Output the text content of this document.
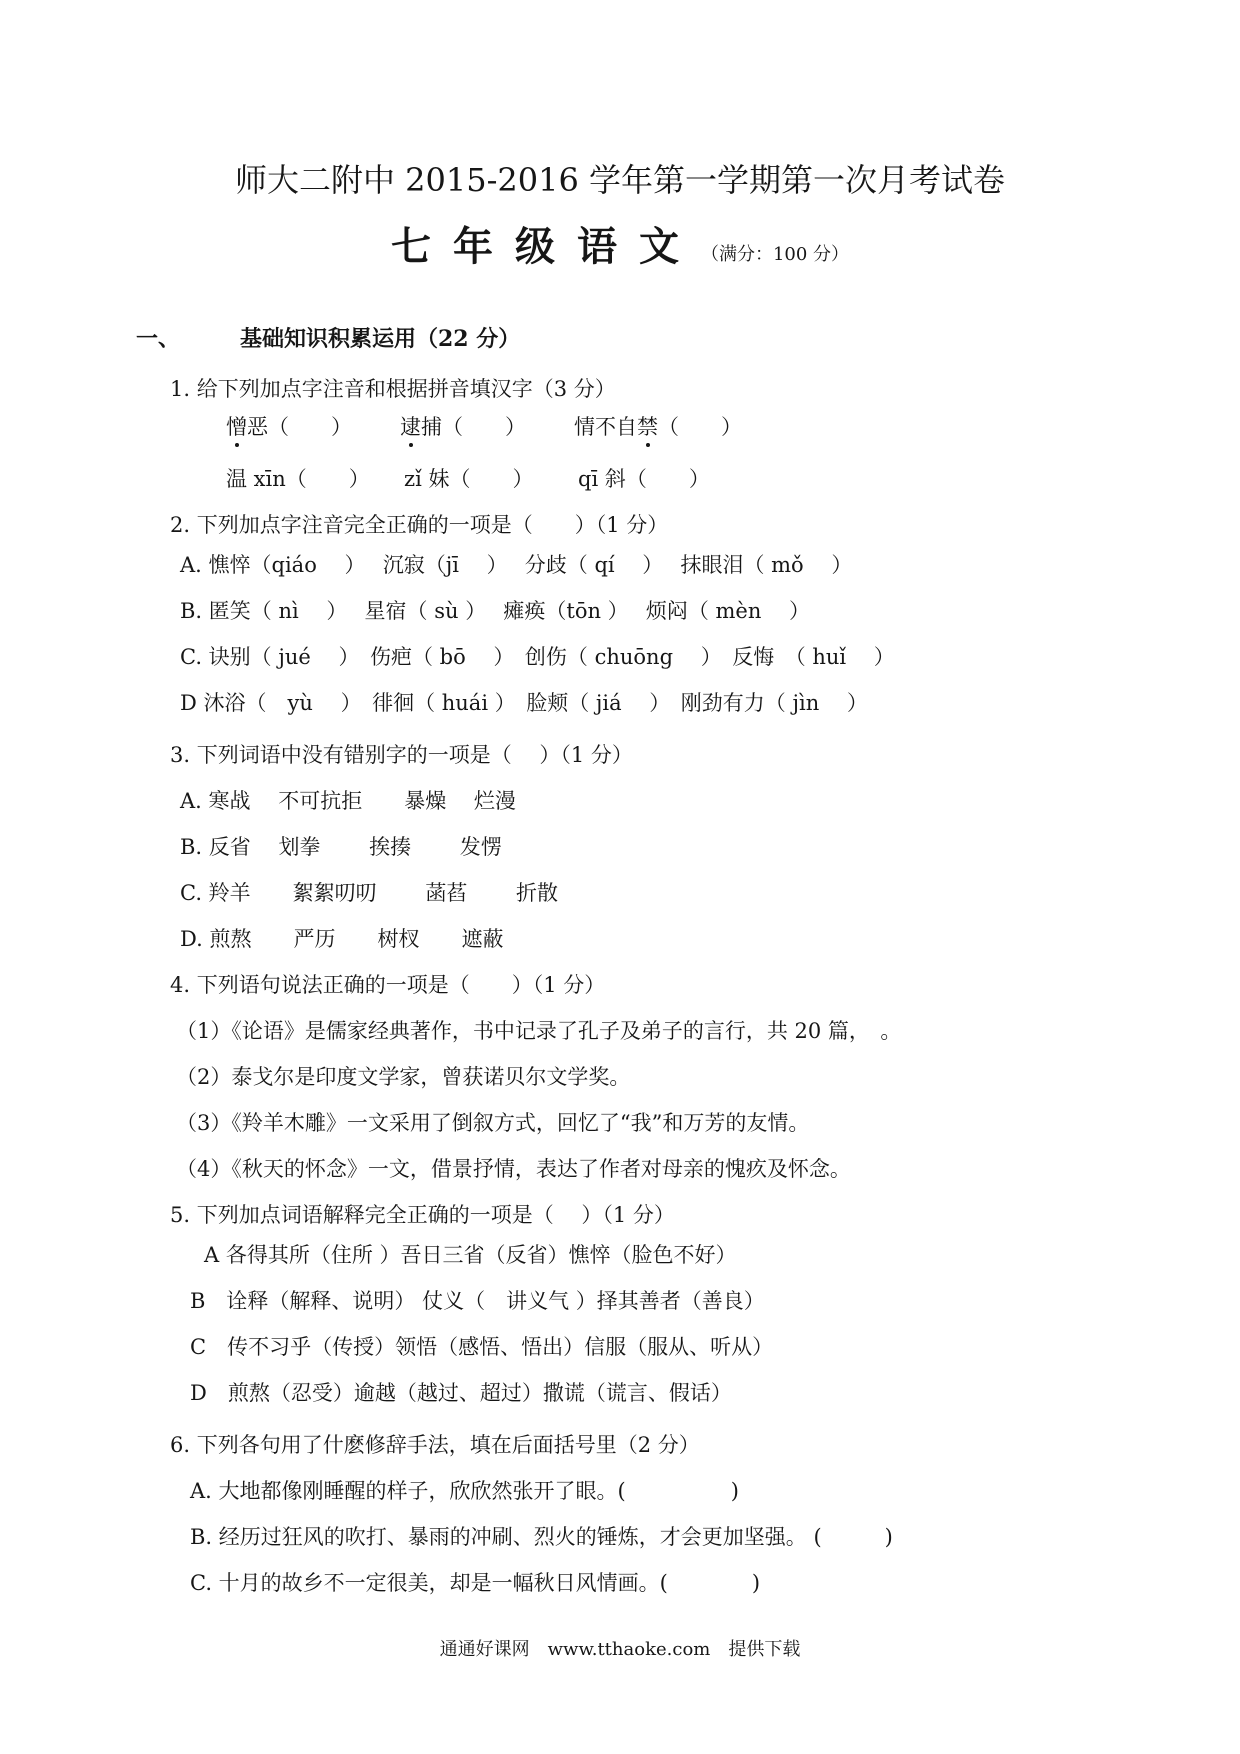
师大二附中 2015-2016 学年第一学期第一次月考试卷
七年级语文（满分：100 分）
一、	基础知识积累运用（22 分）
1. 给下列加点字注音和根据拼音填汉字（3 分）
憎恶（　　） 逮捕（　　） 情不自禁（　　）
温 xīn（　　） zǐ 妹（　　） qī 斜（　　）
2. 下列加点字注音完全正确的一项是（　　）（1 分）
A. 憔悴（qiáo　 ）　 沉寂（jī　 ）　 分歧（ qí　 ）　 抹眼泪（ mǒ　 ）
B. 匿笑（ nì　 ）　 星宿（ sù ）　 瘫痪（tōn ）　 烦闷（ mèn　 ）
C. 诀别（ jué　 ）　伤疤（ bō　 ）　创伤（ chuōng　 ）　反悔　（ huǐ　 ）
D 沐浴（　yù　 ）　徘徊（ huái ）　脸颊（ jiá　 ）　刚劲有力（ jìn　 ）
3. 下列词语中没有错别字的一项是（　 ）（1 分）
A. 寒战　 不可抗拒　　暴燥　 烂漫
B. 反省　 划拳　　 挨揍　　 发愣
C. 羚羊　　絮絮叨叨　　 菡萏　　 折散
D. 煎熬　　严历　　树杈　　遮蔽
4. 下列语句说法正确的一项是（　　）（1 分）
（1）《论语》是儒家经典著作，书中记录了孔子及弟子的言行，共 20 篇，　。
（2）泰戈尔是印度文学家，曾获诺贝尔文学奖。
（3）《羚羊木雕》一文采用了倒叙方式，回忆了“我”和万芳的友情。
（4）《秋天的怀念》一文，借景抒情，表达了作者对母亲的愧疚及怀念。
5. 下列加点词语解释完全正确的一项是（　 ）（1 分）
A 各得其所（住所 ）吾日三省（反省）憔悴（脸色不好）
B　诠释（解释、说明） 仗义（　讲义气 ）择其善者（善良）
C　传不习乎（传授）领悟（感悟、悟出）信服（服从、听从）
D　煎熬（忍受）逾越（越过、超过）撒谎（谎言、假话）
6. 下列各句用了什麽修辞手法，填在后面括号里（2 分）
A. 大地都像刚睡醒的样子，欣欣然张开了眼。(　　　　　)
B. 经历过狂风的吹打、暴雨的冲刷、烈火的锤炼，才会更加坚强。 (　　　)
C. 十月的故乡不一定很美，却是一幅秋日风情画。(　　　　)
通通好课网　www.tthaoke.com　提供下载
